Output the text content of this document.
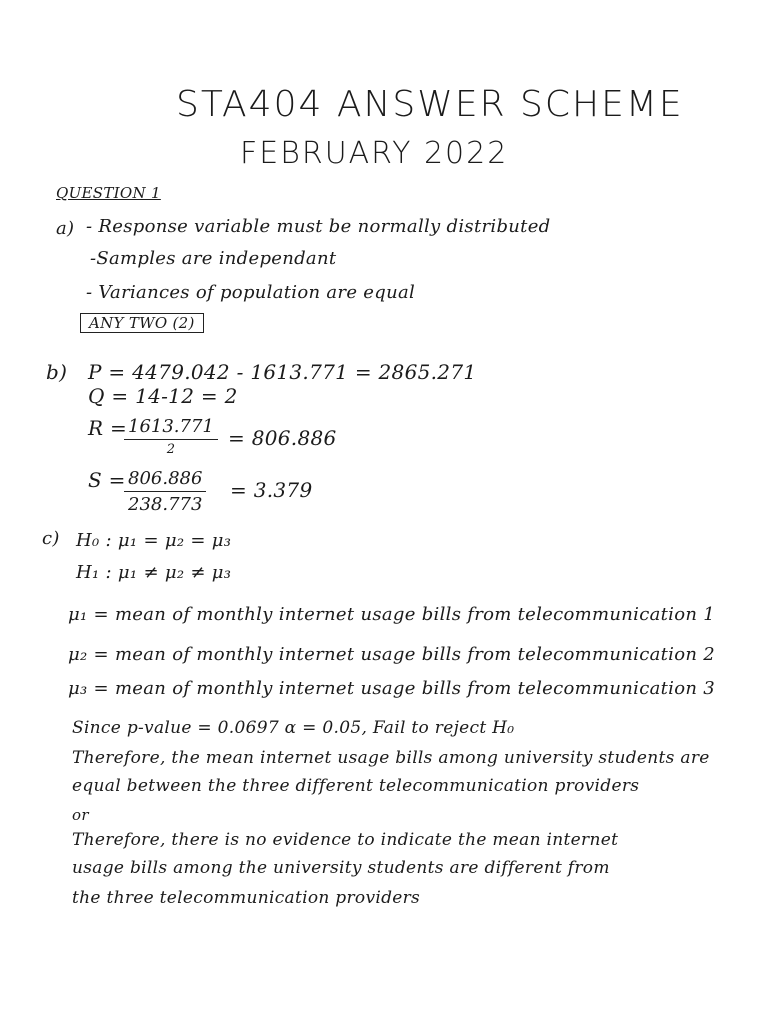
STA404 ANSWER SCHEME
FEBRUARY 2022
QUESTION 1
a) - Response variable must be normally distributed
-Samples are independant
- Variances of population are equal
ANY TWO (2)
b) P = 4479.042 - 1613.771 = 2865.271
Q = 14-12 = 2
R = 1613.771
2	= 806.886
S = 806.886
238.773
= 3.379
c) H₀ : μ₁ = μ₂ = μ₃
H₁ : μ₁ ≠ μ₂ ≠ μ₃
μ₁ = mean of monthly internet usage bills from telecommunication 1
μ₂ = mean of monthly internet usage bills from telecommunication 2
μ₃ = mean of monthly internet usage bills from telecommunication 3
Since p-value = 0.0697 α = 0.05, Fail to reject H₀
Therefore, the mean internet usage bills among university students are
equal between the three different telecommunication providers
or
Therefore, there is no evidence to indicate the mean internet
usage bills among the university students are different from
the three telecommunication providers
